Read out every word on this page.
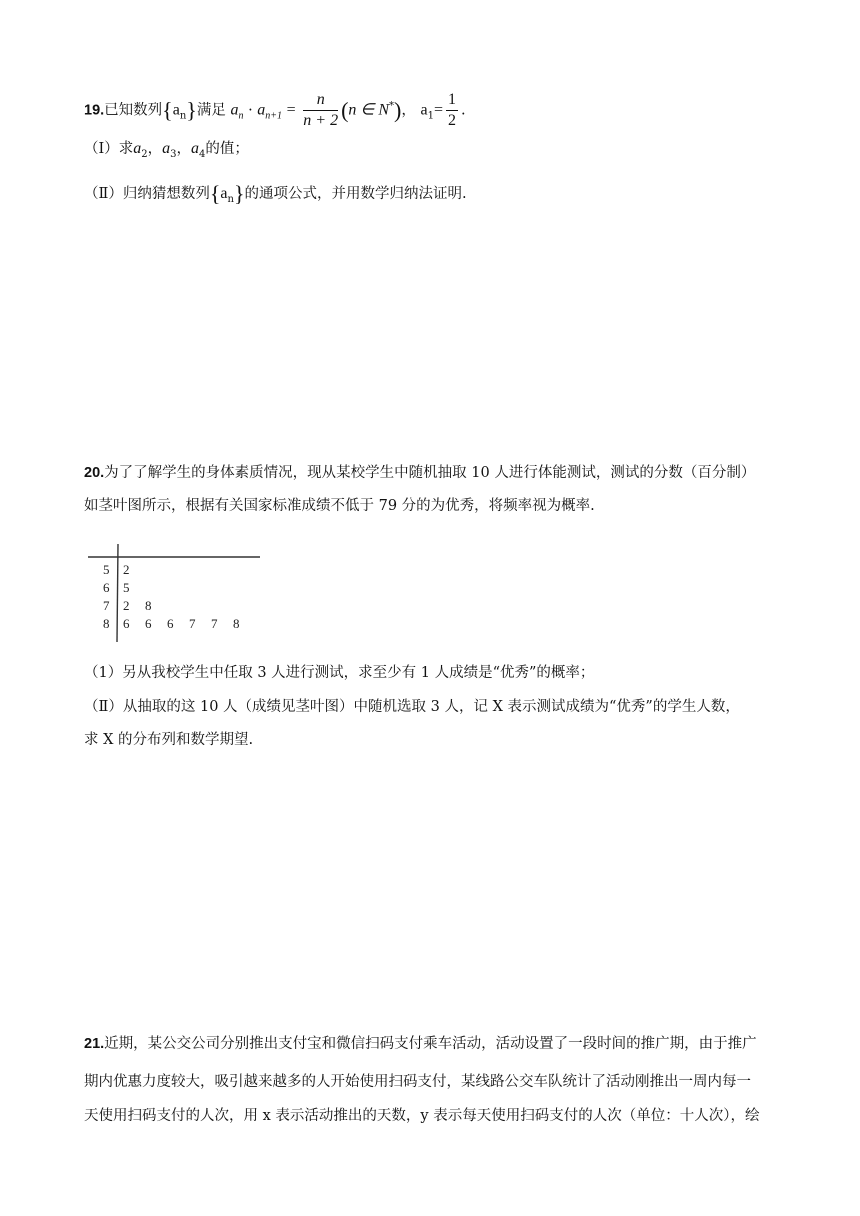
19.已知数列$\{a_n\}$满足 $a_n \cdot a_{n+1} = \frac{n}{n + 2} (n$ ∈ N*)， $a_1= \frac{1}{2}$ .
（I）求$a_2$，$a_3$，$a_4$的值；
（Ⅱ）归纳猜想数列$\{a_n\}$的通项公式，并用数学归纳法证明.
20.为了了解学生的身体素质情况，现从某校学生中随机抽取 10 人进行体能测试，测试的分数（百分制）
如茎叶图所示，根据有关国家标准成绩不低于 79 分的为优秀，将频率视为概率.
5 2
6 5
7 2 8
8 6 6 6 7 7 8
（1）另从我校学生中任取 3 人进行测试，求至少有 1 人成绩是“优秀”的概率；
（Ⅱ）从抽取的这 10 人（成绩见茎叶图）中随机选取 3 人，记 X 表示测试成绩为“优秀”的学生人数，
求 X 的分布列和数学期望.
21.近期，某公交公司分别推出支付宝和微信扫码支付乘车活动，活动设置了一段时间的推广期，由于推广
期内优惠力度较大，吸引越来越多的人开始使用扫码支付，某线路公交车队统计了活动刚推出一周内每一
天使用扫码支付的人次，用 x 表示活动推出的天数，y 表示每天使用扫码支付的人次（单位：十人次），绘
